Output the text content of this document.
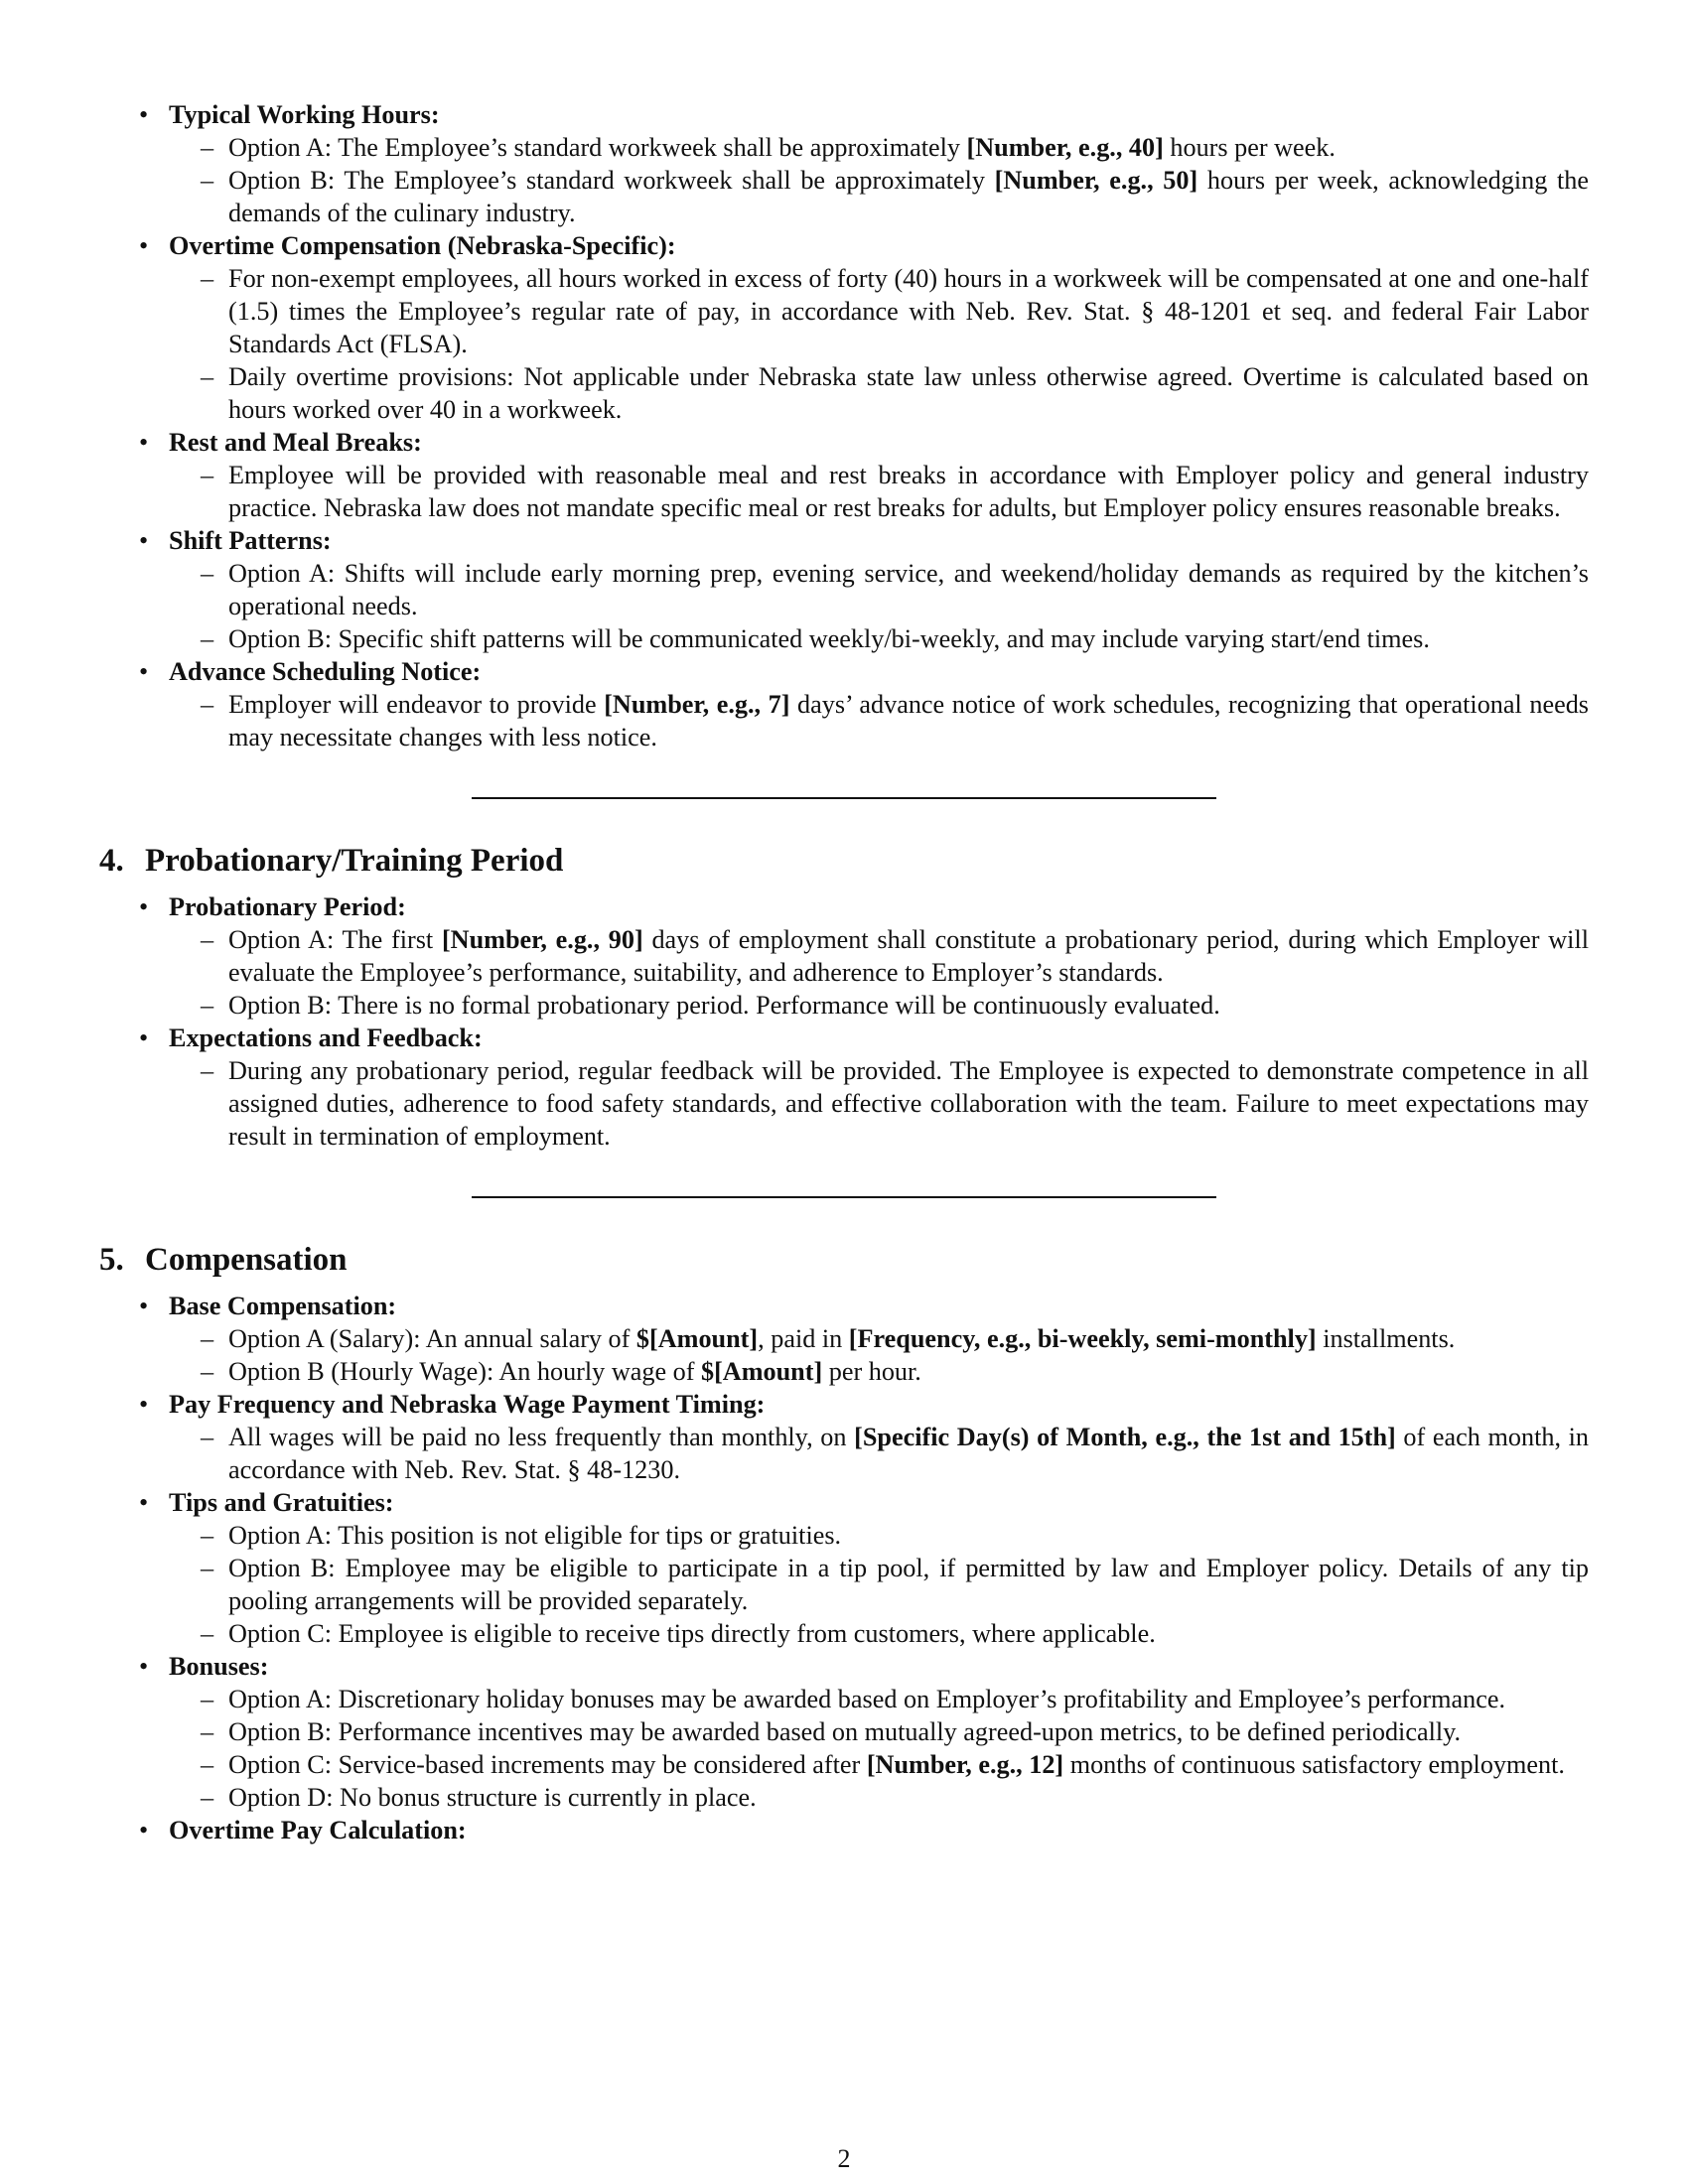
• Typical Working Hours:
– Option A: The Employee’s standard workweek shall be approximately [Number, e.g., 40] hours per week.
– Option B: The Employee’s standard workweek shall be approximately [Number, e.g., 50] hours per week, acknowledging the demands of the culinary industry.
• Overtime Compensation (Nebraska-Specific):
– For non-exempt employees, all hours worked in excess of forty (40) hours in a workweek will be compensated at one and one-half (1.5) times the Employee’s regular rate of pay, in accordance with Neb. Rev. Stat. § 48-1201 et seq. and federal Fair Labor Standards Act (FLSA).
– Daily overtime provisions: Not applicable under Nebraska state law unless otherwise agreed. Overtime is calculated based on hours worked over 40 in a workweek.
• Rest and Meal Breaks:
– Employee will be provided with reasonable meal and rest breaks in accordance with Employer policy and general industry practice. Nebraska law does not mandate specific meal or rest breaks for adults, but Employer policy ensures reasonable breaks.
• Shift Patterns:
– Option A: Shifts will include early morning prep, evening service, and weekend/holiday demands as required by the kitchen’s operational needs.
– Option B: Specific shift patterns will be communicated weekly/bi-weekly, and may include varying start/end times.
• Advance Scheduling Notice:
– Employer will endeavor to provide [Number, e.g., 7] days’ advance notice of work schedules, recognizing that operational needs may necessitate changes with less notice.
4. Probationary/Training Period
• Probationary Period:
– Option A: The first [Number, e.g., 90] days of employment shall constitute a probationary period, during which Employer will evaluate the Employee’s performance, suitability, and adherence to Employer’s standards.
– Option B: There is no formal probationary period. Performance will be continuously evaluated.
• Expectations and Feedback:
– During any probationary period, regular feedback will be provided. The Employee is expected to demonstrate competence in all assigned duties, adherence to food safety standards, and effective collaboration with the team. Failure to meet expectations may result in termination of employment.
5. Compensation
• Base Compensation:
– Option A (Salary): An annual salary of $[Amount], paid in [Frequency, e.g., bi-weekly, semi-monthly] installments.
– Option B (Hourly Wage): An hourly wage of $[Amount] per hour.
• Pay Frequency and Nebraska Wage Payment Timing:
– All wages will be paid no less frequently than monthly, on [Specific Day(s) of Month, e.g., the 1st and 15th] of each month, in accordance with Neb. Rev. Stat. § 48-1230.
• Tips and Gratuities:
– Option A: This position is not eligible for tips or gratuities.
– Option B: Employee may be eligible to participate in a tip pool, if permitted by law and Employer policy. Details of any tip pooling arrangements will be provided separately.
– Option C: Employee is eligible to receive tips directly from customers, where applicable.
• Bonuses:
– Option A: Discretionary holiday bonuses may be awarded based on Employer’s profitability and Employee’s performance.
– Option B: Performance incentives may be awarded based on mutually agreed-upon metrics, to be defined periodically.
– Option C: Service-based increments may be considered after [Number, e.g., 12] months of continuous satisfactory employment.
– Option D: No bonus structure is currently in place.
• Overtime Pay Calculation:
2
